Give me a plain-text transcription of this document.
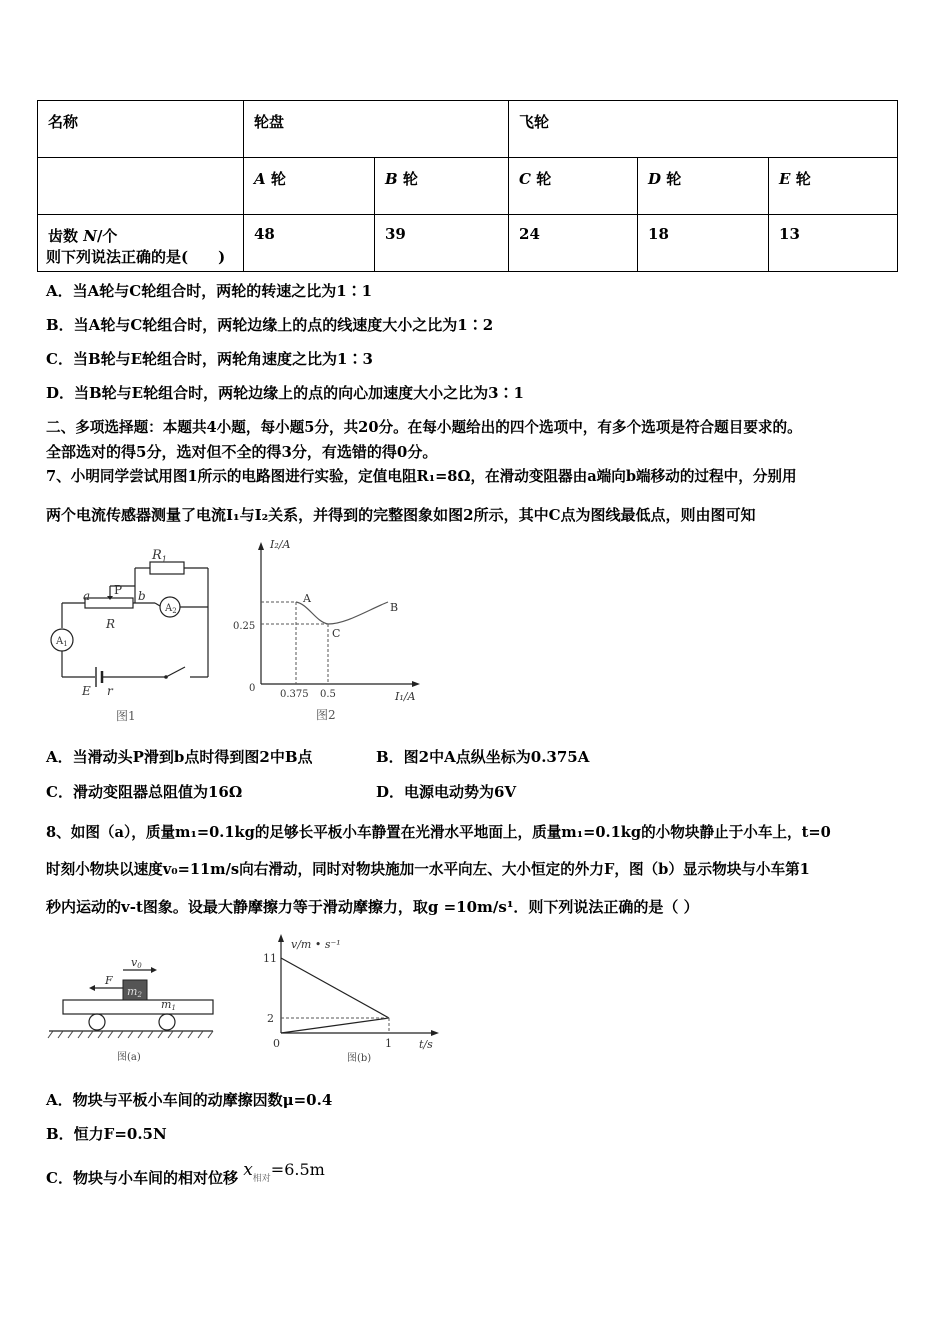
名称	轮盘		飞轮		
	A 轮	B 轮	C 轮	D 轮	E 轮
齿数 N/个	48	39	24	18	13
则下列说法正确的是(　　)
A．当A轮与C轮组合时，两轮的转速之比为1∶1
B．当A轮与C轮组合时，两轮边缘上的点的线速度大小之比为1∶2
C．当B轮与E轮组合时，两轮角速度之比为1∶3
D．当B轮与E轮组合时，两轮边缘上的点的向心加速度大小之比为3∶1
二、多项选择题：本题共4小题，每小题5分，共20分。在每小题给出的四个选项中，有多个选项是符合题目要求的。
全部选对的得5分，选对但不全的得3分，有选错的得0分。
7、小明同学尝试用图1所示的电路图进行实验，定值电阻R₁=8Ω，在滑动变阻器由a端向b端移动的过程中，分别用
两个电流传感器测量了电流I₁与I₂关系，并得到的完整图象如图2所示，其中C点为图线最低点，则由图可知
$R_1$
P
a	b
R
$A_2$
$A_1$
E r
图1
I₂/A
I₁/A
0
0.25
0.375 0.5
A
B
C
图2
A．当滑动头P滑到b点时得到图2中B点	B．图2中A点纵坐标为0.375A
C．滑动变阻器总阻值为16Ω	D．电源电动势为6V
8、如图（a），质量m₁=0.1kg的足够长平板小车静置在光滑水平地面上，质量m₁=0.1kg的小物块静止于小车上，t=0
时刻小物块以速度v₀=11m/s向右滑动，同时对物块施加一水平向左、大小恒定的外力F，图（b）显示物块与小车第1
秒内运动的v-t图象。设最大静摩擦力等于滑动摩擦力，取g =10m/s¹．则下列说法正确的是（ ）
v0
F
m2
m1
图(a)
v/m • s⁻¹
t/s
0
11
2
1
图(b)
A．物块与平板小车间的动摩擦因数μ=0.4
B．恒力F=0.5N
C．物块与小车间的相对位移 x相对=6.5m
